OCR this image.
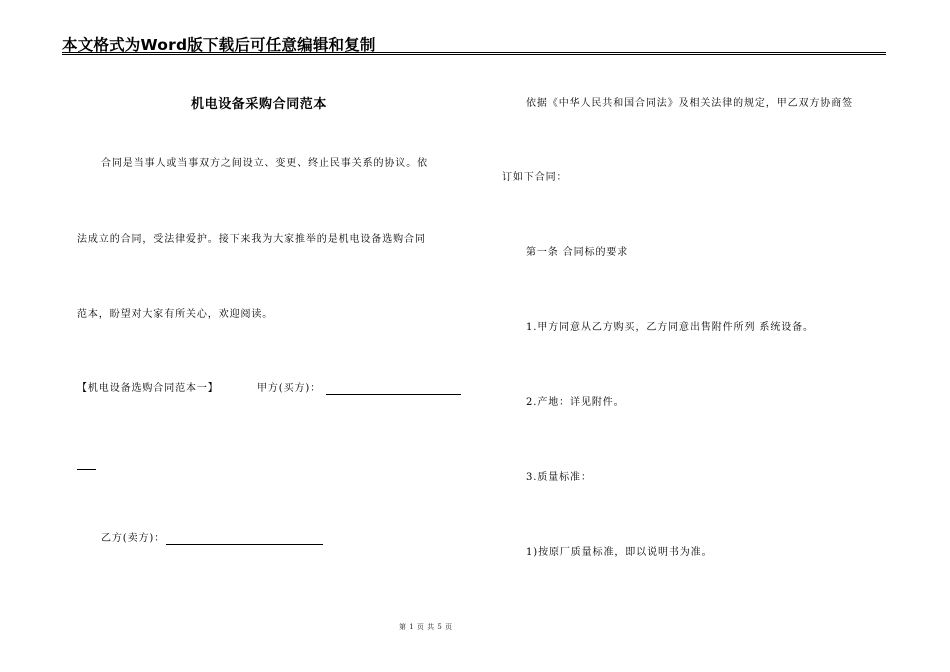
本文格式为Word版下载后可任意编辑和复制
机电设备采购合同范本
合同是当事人或当事双方之间设立、变更、终止民事关系的协议。依
法成立的合同，受法律爱护。接下来我为大家推举的是机电设备选购合同
范本，盼望对大家有所关心，欢迎阅读。
【机电设备选购合同范本一】	甲方(买方)：
乙方(卖方)：
依据《中华人民共和国合同法》及相关法律的规定，甲乙双方协商签
订如下合同：
第一条 合同标的要求
1.甲方同意从乙方购买，乙方同意出售附件所列 系统设备。
2.产地：详见附件。
3.质量标准：
1)按原厂质量标准，即以说明书为准。
第 1 页 共 5 页
